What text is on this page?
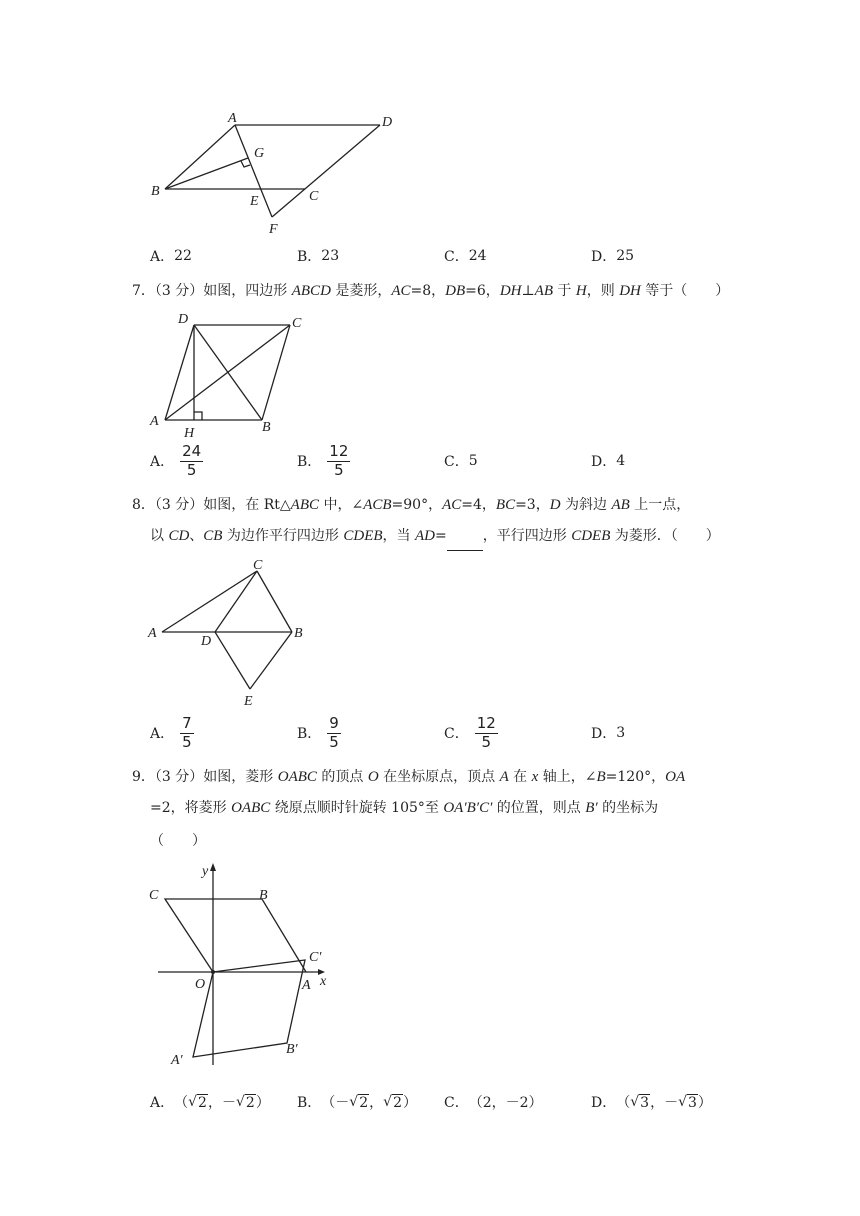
A	D
G
B
E	C
F
A． 22	B． 23	C． 24	D． 25
7．（3 分）如图，四边形 ABCD 是菱形，AC=8，DB=6，DH⊥AB 于 H，则 DH 等于（　　）
D	C
A
H	B
A． $\frac{24}{5}$	B． $\frac{12}{5}$	C． 5	D． 4
8．（3 分）如图，在 Rt△ABC 中，∠ACB=90°，AC=4，BC=3，D 为斜边 AB 上一点，
以 CD、CB 为边作平行四边形 CDEB，当 AD=	，平行四边形 CDEB 为菱形．（　　）
C
A
D
B
E
A． $\frac{7}{5}$	B． $\frac{9}{5}$	C． $\frac{12}{5}$	D． 3
9．（3 分）如图，菱形 OABC 的顶点 O 在坐标原点，顶点 A 在 x 轴上，∠B=120°，OA
=2，将菱形 OABC 绕原点顺时针旋转 105°至 OA′B′C′ 的位置，则点 B′ 的坐标为
（　　）
y
C	B
C′
O	A x
A′
B′
A． （ √ 2 ， － √ 2 ） B． （ － √ 2 ， √ 2 ） C． （2，－2）	D． （ √ 3 ， － √ 3 ）
